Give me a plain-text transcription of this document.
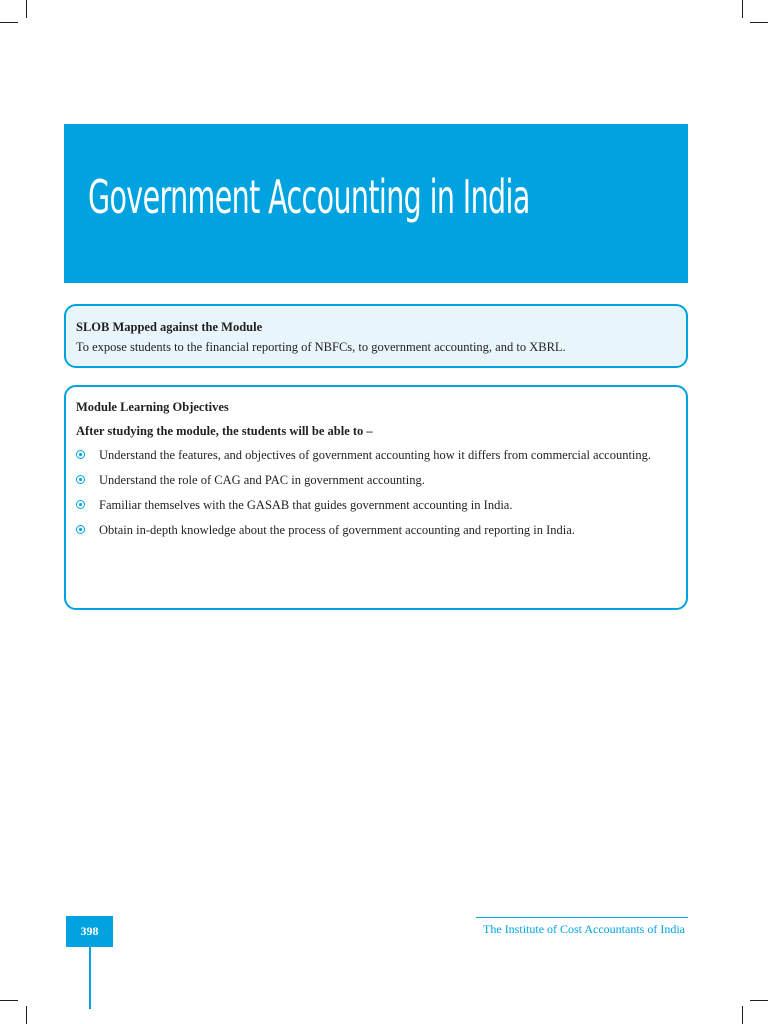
Government Accounting in India
SLOB Mapped against the Module
To expose students to the financial reporting of NBFCs, to government accounting, and to XBRL.
Module Learning Objectives
After studying the module, the students will be able to –
Understand the features, and objectives of government accounting how it differs from commercial accounting.
Understand the role of CAG and PAC in government accounting.
Familiar themselves with the GASAB that guides government accounting in India.
Obtain in-depth knowledge about the process of government accounting and reporting in India.
398	The Institute of Cost Accountants of India
